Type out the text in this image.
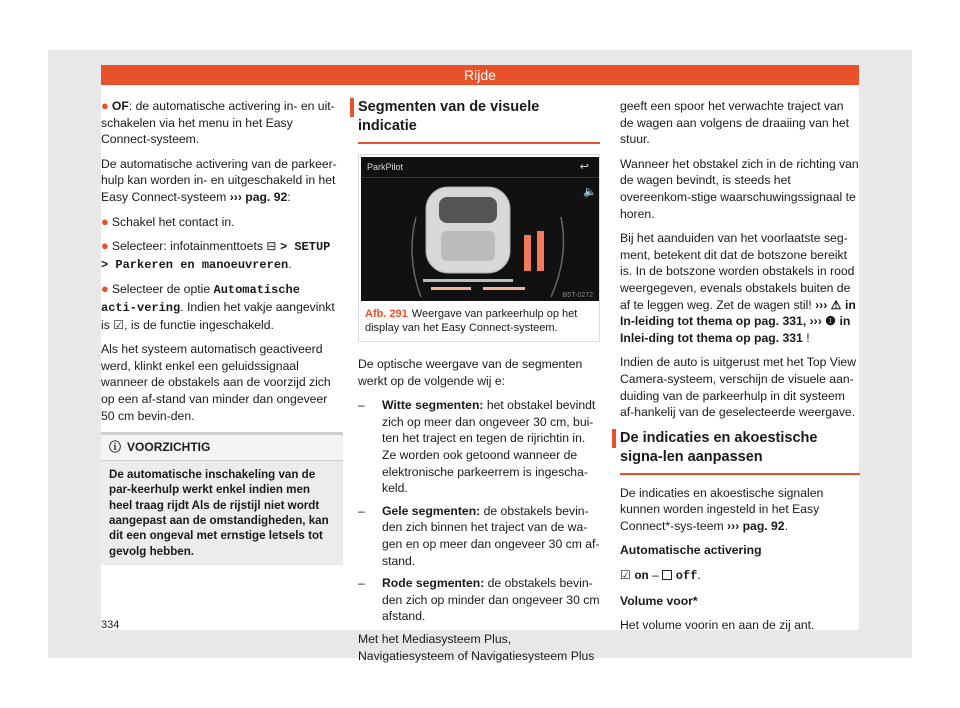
Rijde

● OF: de automatische activering in- en uit-schakelen via het menu in het Easy Connect-systeem.

De automatische activering van de parkeer-hulp kan worden in- en uitgeschakeld in het Easy Connect-systeem ››› pag. 92:

● Schakel het contact in.

● Selecteer: infotainmenttoets ⊟ > SETUP > Parkeren en manoeuvreren.

● Selecteer de optie Automatische acti-vering. Indien het vakje aangevinkt is ☑, is de functie ingeschakeld.

Als het systeem automatisch geactiveerd werd, klinkt enkel een geluidssignaal wanneer de obstakels aan de voorzijd zich op een af-stand van minder dan ongeveer 50 cm bevin-den.

ⓘ VOORZICHTIG
De automatische inschakeling van de par-keerhulp werkt enkel indien men heel traag rijdt Als de rijstijl niet wordt aangepast aan de omstandigheden, kan dit een ongeval met ernstige letsels tot gevolg hebben.
Segmenten van de visuele indicatie
ParkPilot	↩
🔈
B5T-0272
Afb. 291 Weergave van parkeerhulp op het display van het Easy Connect-systeem.

De optische weergave van de segmenten werkt op de volgende wij e:

–	Witte segmenten: het obstakel bevindt zich op meer dan ongeveer 30 cm, bui-ten het traject en tegen de rijrichtin in. Ze worden ook getoond wanneer de elektronische parkeerrem is ingescha-keld.
–	Gele segmenten: de obstakels bevin-den zich binnen het traject van de wa-gen en op meer dan ongeveer 30 cm af-stand.
–	Rode segmenten: de obstakels bevin-den zich op minder dan ongeveer 30 cm afstand.

Met het Mediasysteem Plus, Navigatiesysteem of Navigatiesysteem Plus

geeft een spoor het verwachte traject van de wagen aan volgens de draaiing van het stuur.

Wanneer het obstakel zich in de richting van de wagen bevindt, is steeds het overeenkom-stige waarschuwingssignaal te horen.

Bij het aanduiden van het voorlaatste seg-ment, betekent dit dat de botszone bereikt is. In de botszone worden obstakels in rood weergegeven, evenals obstakels buiten de af te leggen weg. Zet de wagen stil! ››› ⚠ in In-leiding tot thema op pag. 331, ››› ❶ in Inlei-ding tot thema op pag. 331 !

Indien de auto is uitgerust met het Top View Camera-systeem, verschijn de visuele aan-duiding van de parkeerhulp in dit systeem af-hankelij van de geselecteerde weergave.

De indicaties en akoestische signa-len aanpassen

De indicaties en akoestische signalen kunnen worden ingesteld in het Easy Connect*-sys-teem ››› pag. 92.

Automatische activering

☑ on – off.

Volume voor*

Het volume voorin en aan de zij ant.

334
